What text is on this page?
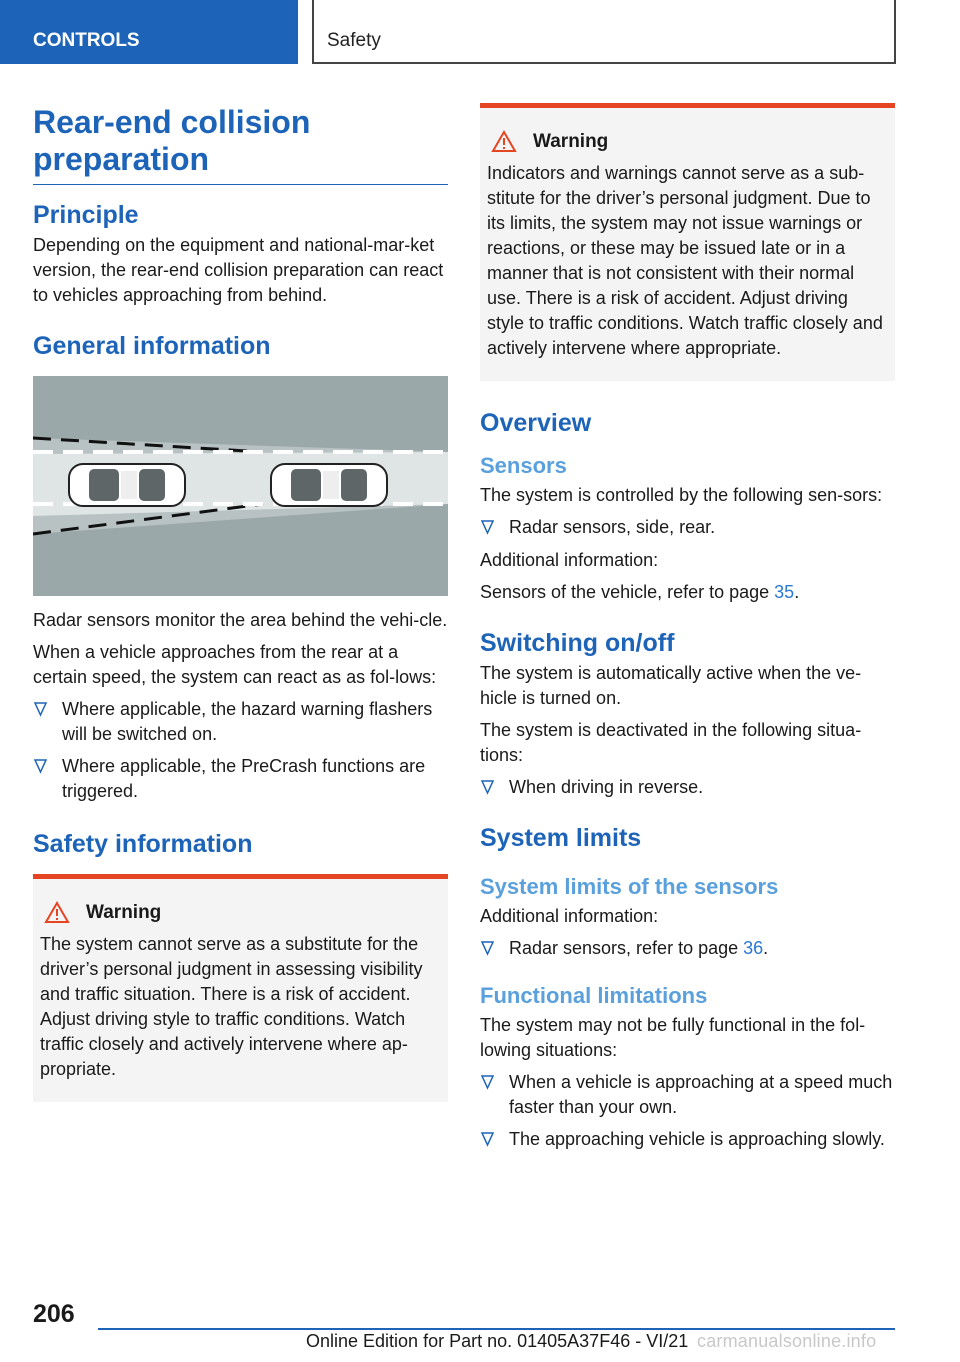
CONTROLS	Safety
Rear-end collision preparation
Principle
Depending on the equipment and national-mar-ket version, the rear-end collision preparation can react to vehicles approaching from behind.
General information
Radar sensors monitor the area behind the vehi-cle.
When a vehicle approaches from the rear at a certain speed, the system can react as as fol-lows:
Where applicable, the hazard warning flashers will be switched on.
Where applicable, the PreCrash functions are triggered.
Safety information
Warning
The system cannot serve as a substitute for the driver’s personal judgment in assessing visibility and traffic situation. There is a risk of accident. Adjust driving style to traffic conditions. Watch traffic closely and actively intervene where ap-propriate.
Warning
Indicators and warnings cannot serve as a sub-stitute for the driver’s personal judgment. Due to its limits, the system may not issue warnings or reactions, or these may be issued late or in a manner that is not consistent with their normal use. There is a risk of accident. Adjust driving style to traffic conditions. Watch traffic closely and actively intervene where appropriate.
Overview
Sensors
The system is controlled by the following sen-sors:
Radar sensors, side, rear.
Additional information:
Sensors of the vehicle, refer to page 35.
Switching on/off
The system is automatically active when the ve-hicle is turned on.
The system is deactivated in the following situa-tions:
When driving in reverse.
System limits
System limits of the sensors
Additional information:
Radar sensors, refer to page 36.
Functional limitations
The system may not be fully functional in the fol-lowing situations:
When a vehicle is approaching at a speed much faster than your own.
The approaching vehicle is approaching slowly.
206
Online Edition for Part no. 01405A37F46 - VI/21 carmanualsonline.info
